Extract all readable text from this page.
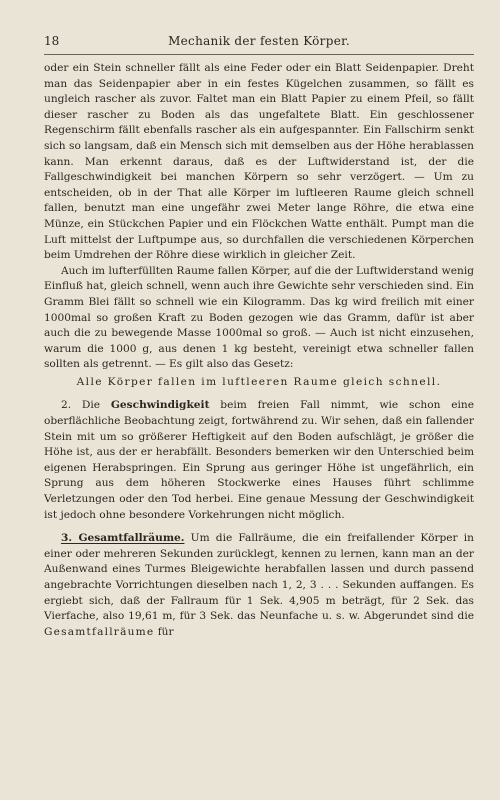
18	Mechanik der festen Körper.

oder ein Stein schneller fällt als eine Feder oder ein Blatt Seidenpapier. Dreht man das Seidenpapier aber in ein festes Kügelchen zusammen, so fällt es ungleich rascher als zuvor. Faltet man ein Blatt Papier zu einem Pfeil, so fällt dieser rascher zu Boden als das ungefaltete Blatt. Ein geschlossener Regenschirm fällt ebenfalls rascher als ein aufgespannter. Ein Fallschirm senkt sich so langsam, daß ein Mensch sich mit demselben aus der Höhe herablassen kann. Man erkennt daraus, daß es der Luftwiderstand ist, der die Fallgeschwindigkeit bei manchen Körpern so sehr verzögert. — Um zu entscheiden, ob in der That alle Körper im luftleeren Raume gleich schnell fallen, benutzt man eine ungefähr zwei Meter lange Röhre, die etwa eine Münze, ein Stückchen Papier und ein Flöckchen Watte enthält. Pumpt man die Luft mittelst der Luftpumpe aus, so durchfallen die verschiedenen Körperchen beim Umdrehen der Röhre diese wirklich in gleicher Zeit.

Auch im lufterfüllten Raume fallen Körper, auf die der Luftwiderstand wenig Einfluß hat, gleich schnell, wenn auch ihre Gewichte sehr verschieden sind. Ein Gramm Blei fällt so schnell wie ein Kilogramm. Das kg wird freilich mit einer 1000mal so großen Kraft zu Boden gezogen wie das Gramm, dafür ist aber auch die zu bewegende Masse 1000mal so groß. — Auch ist nicht einzusehen, warum die 1000 g, aus denen 1 kg besteht, vereinigt etwa schneller fallen sollten als getrennt. — Es gilt also das Gesetz:

Alle Körper fallen im luftleeren Raume gleich schnell.

2. Die Geschwindigkeit beim freien Fall nimmt, wie schon eine oberflächliche Beobachtung zeigt, fortwährend zu. Wir sehen, daß ein fallender Stein mit um so größerer Heftigkeit auf den Boden aufschlägt, je größer die Höhe ist, aus der er herabfällt. Besonders bemerken wir den Unterschied beim eigenen Herabspringen. Ein Sprung aus geringer Höhe ist ungefährlich, ein Sprung aus dem höheren Stockwerke eines Hauses führt schlimme Verletzungen oder den Tod herbei. Eine genaue Messung der Geschwindigkeit ist jedoch ohne besondere Vorkehrungen nicht möglich.

3. Gesamtfallräume. Um die Fallräume, die ein freifallender Körper in einer oder mehreren Sekunden zurücklegt, kennen zu lernen, kann man an der Außenwand eines Turmes Bleigewichte herabfallen lassen und durch passend angebrachte Vorrichtungen dieselben nach 1, 2, 3 . . . Sekunden auffangen. Es ergiebt sich, daß der Fallraum für 1 Sek. 4,905 m beträgt, für 2 Sek. das Vierfache, also 19,61 m, für 3 Sek. das Neunfache u. s. w. Abgerundet sind die Gesamtfallräume für
